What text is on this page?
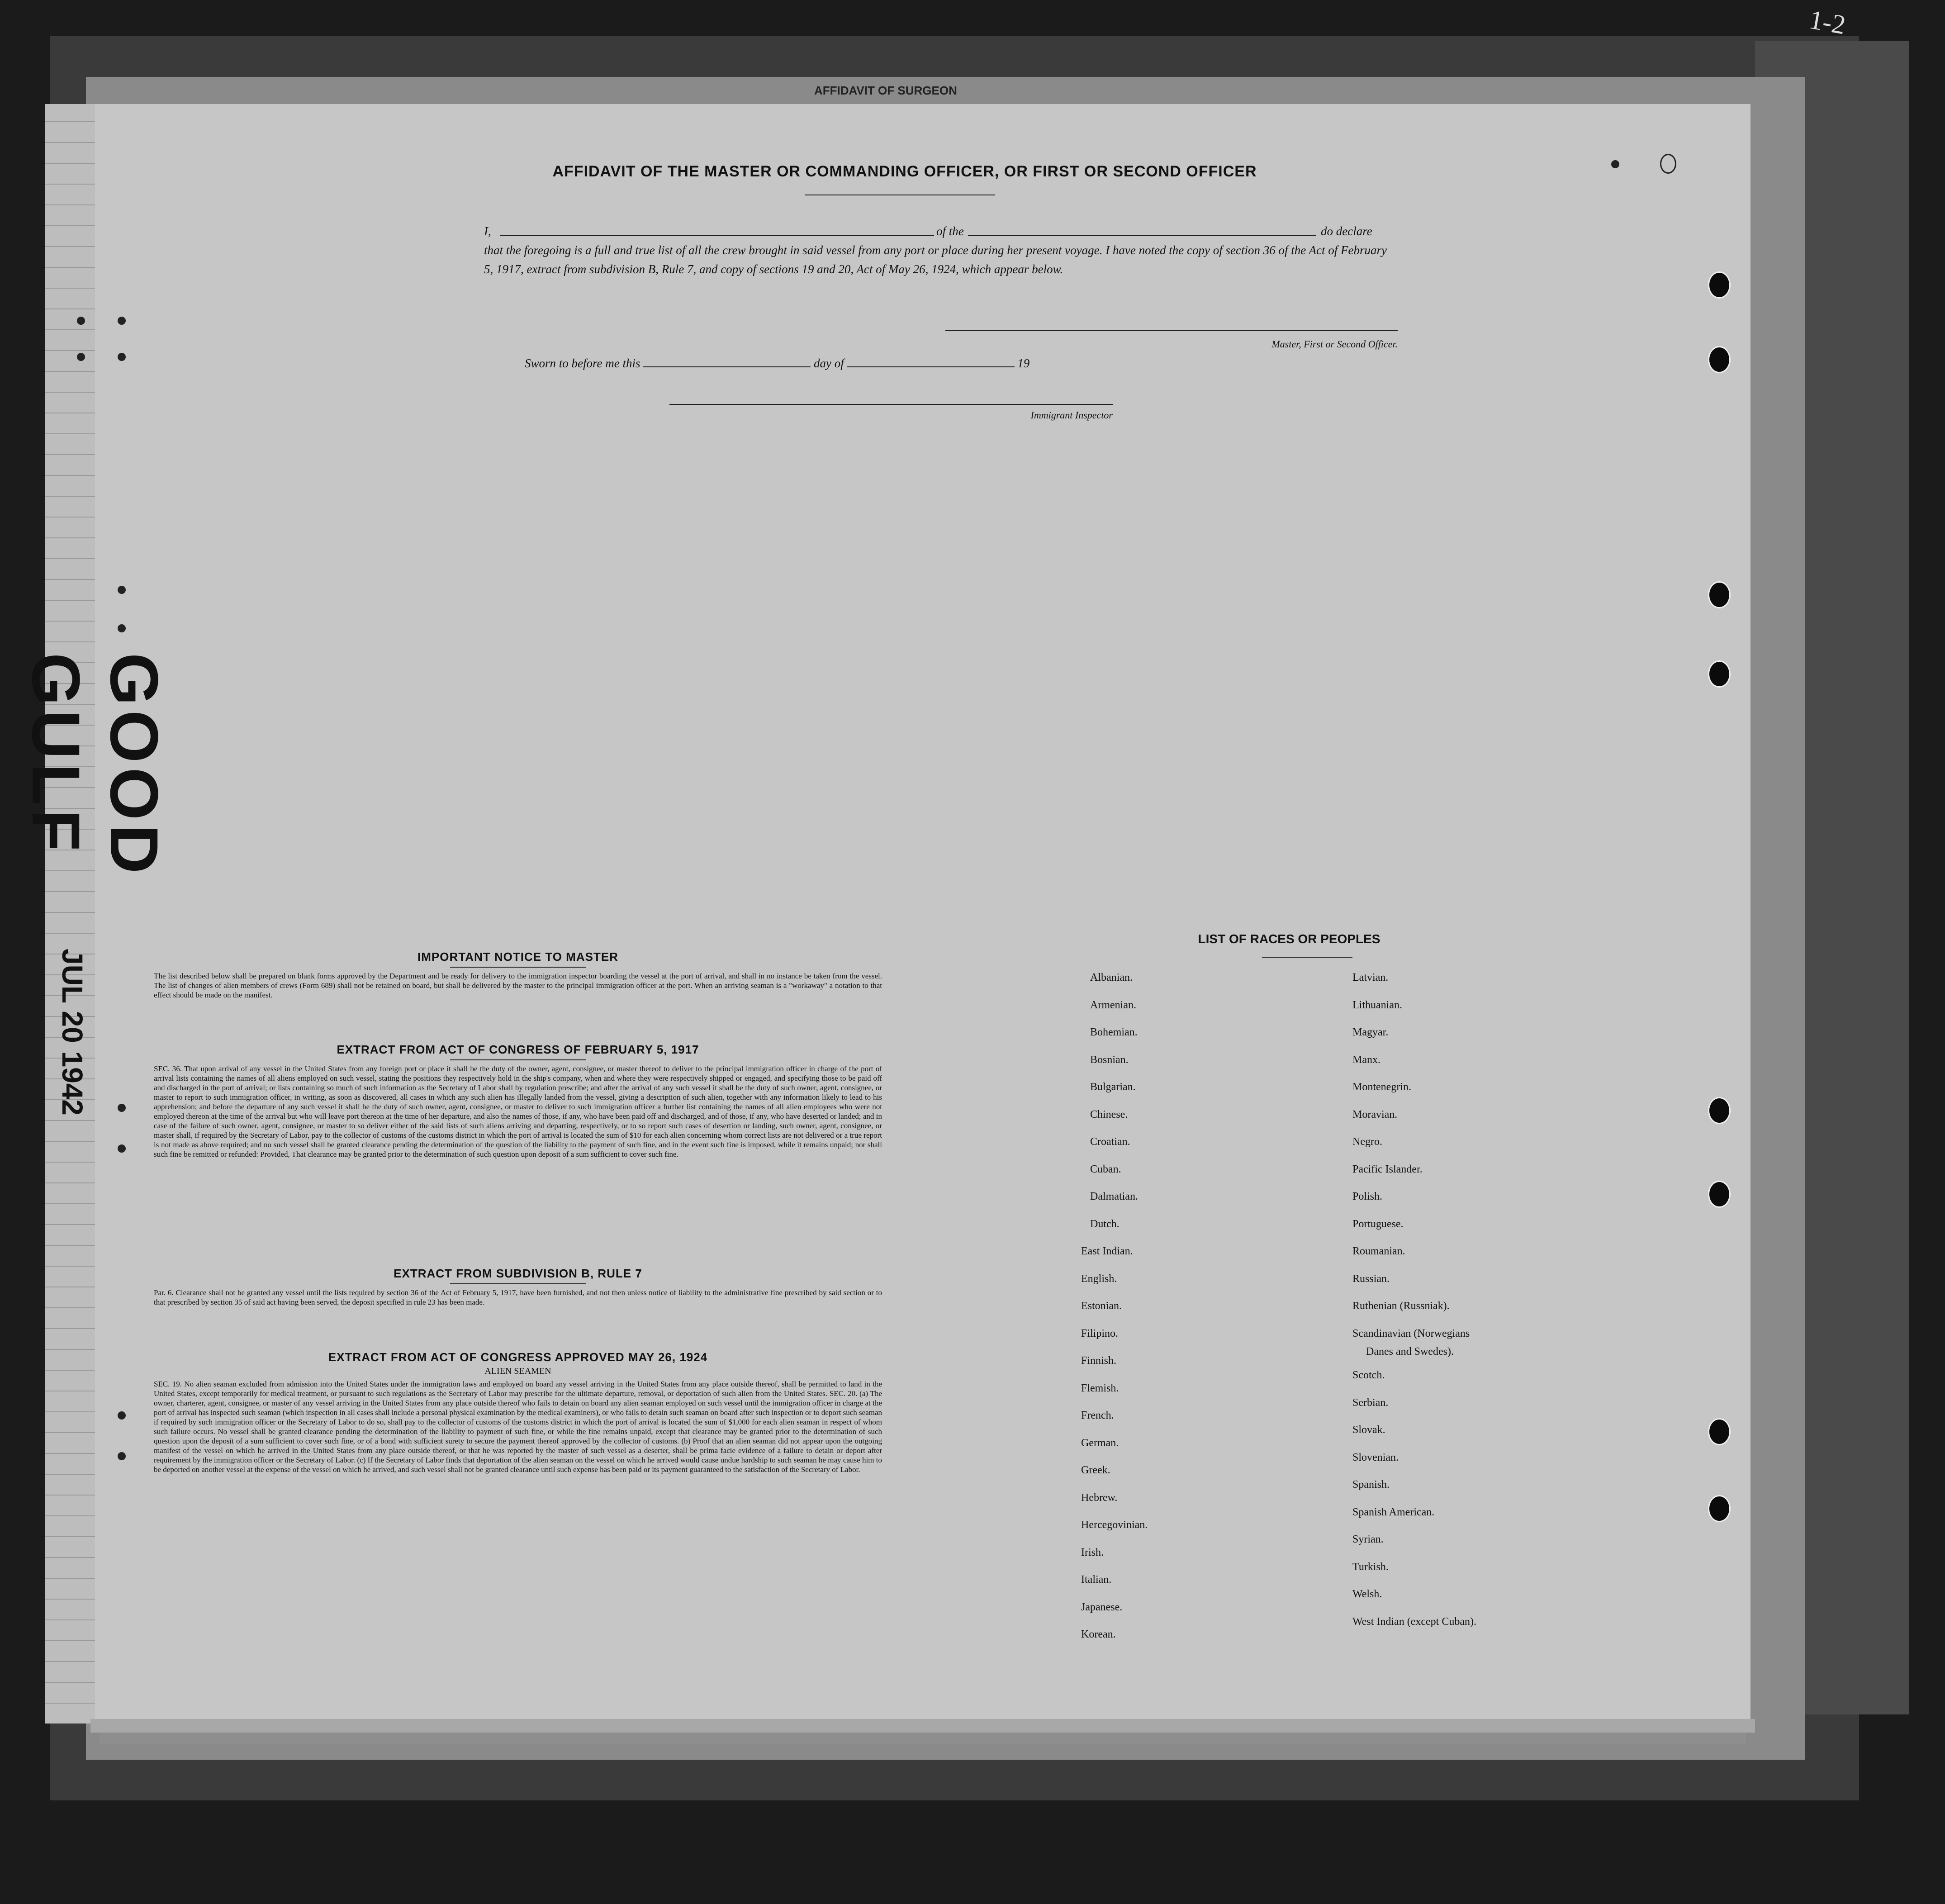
AFFIDAVIT OF SURGEON
1-2
GOOD GULF
JUL 20 1942
AFFIDAVIT OF THE MASTER OR COMMANDING OFFICER, OR FIRST OR SECOND OFFICER
I,	of the	do declare

that the foregoing is a full and true list of all the crew brought in said vessel from any port or place during her present voyage. I have noted the copy of section 36 of the Act of February 5, 1917, extract from subdivision B, Rule 7, and copy of sections 19 and 20, Act of May 26, 1924, which appear below.

Master, First or Second Officer.
Sworn to before me this	day of	19
Immigrant Inspector
IMPORTANT NOTICE TO MASTER

The list described below shall be prepared on blank forms approved by the Department and be ready for delivery to the immigration inspector boarding the vessel at the port of arrival, and shall in no instance be taken from the vessel. The list of changes of alien members of crews (Form 689) shall not be retained on board, but shall be delivered by the master to the principal immigration officer at the port. When an arriving seaman is a "workaway" a notation to that effect should be made on the manifest.

EXTRACT FROM ACT OF CONGRESS OF FEBRUARY 5, 1917

SEC. 36. That upon arrival of any vessel in the United States from any foreign port or place it shall be the duty of the owner, agent, consignee, or master thereof to deliver to the principal immigration officer in charge of the port of arrival lists containing the names of all aliens employed on such vessel, stating the positions they respectively hold in the ship's company, when and where they were respectively shipped or engaged, and specifying those to be paid off and discharged in the port of arrival; or lists containing so much of such information as the Secretary of Labor shall by regulation prescribe; and after the arrival of any such vessel it shall be the duty of such owner, agent, consignee, or master to report to such immigration officer, in writing, as soon as discovered, all cases in which any such alien has illegally landed from the vessel, giving a description of such alien, together with any information likely to lead to his apprehension; and before the departure of any such vessel it shall be the duty of such owner, agent, consignee, or master to deliver to such immigration officer a further list containing the names of all alien employees who were not employed thereon at the time of the arrival but who will leave port thereon at the time of her departure, and also the names of those, if any, who have been paid off and discharged, and of those, if any, who have deserted or landed; and in case of the failure of such owner, agent, consignee, or master to so deliver either of the said lists of such aliens arriving and departing, respectively, or to so report such cases of desertion or landing, such owner, agent, consignee, or master shall, if required by the Secretary of Labor, pay to the collector of customs of the customs district in which the port of arrival is located the sum of $10 for each alien concerning whom correct lists are not delivered or a true report is not made as above required; and no such vessel shall be granted clearance pending the determination of the question of the liability to the payment of such fine, and in the event such fine is imposed, while it remains unpaid; nor shall such fine be remitted or refunded: Provided, That clearance may be granted prior to the determination of such question upon deposit of a sum sufficient to cover such fine.

EXTRACT FROM SUBDIVISION B, RULE 7

Par. 6. Clearance shall not be granted any vessel until the lists required by section 36 of the Act of February 5, 1917, have been furnished, and not then unless notice of liability to the administrative fine prescribed by said section or to that prescribed by section 35 of said act having been served, the deposit specified in rule 23 has been made.

EXTRACT FROM ACT OF CONGRESS APPROVED MAY 26, 1924
ALIEN SEAMEN

SEC. 19. No alien seaman excluded from admission into the United States under the immigration laws and employed on board any vessel arriving in the United States from any place outside thereof, shall be permitted to land in the United States, except temporarily for medical treatment, or pursuant to such regulations as the Secretary of Labor may prescribe for the ultimate departure, removal, or deportation of such alien from the United States. SEC. 20. (a) The owner, charterer, agent, consignee, or master of any vessel arriving in the United States from any place outside thereof who fails to detain on board any alien seaman employed on such vessel until the immigration officer in charge at the port of arrival has inspected such seaman (which inspection in all cases shall include a personal physical examination by the medical examiners), or who fails to detain such seaman on board after such inspection or to deport such seaman if required by such immigration officer or the Secretary of Labor to do so, shall pay to the collector of customs of the customs district in which the port of arrival is located the sum of $1,000 for each alien seaman in respect of whom such failure occurs. No vessel shall be granted clearance pending the determination of the liability to payment of such fine, or while the fine remains unpaid, except that clearance may be granted prior to the determination of such question upon the deposit of a sum sufficient to cover such fine, or of a bond with sufficient surety to secure the payment thereof approved by the collector of customs. (b) Proof that an alien seaman did not appear upon the outgoing manifest of the vessel on which he arrived in the United States from any place outside thereof, or that he was reported by the master of such vessel as a deserter, shall be prima facie evidence of a failure to detain or deport after requirement by the immigration officer or the Secretary of Labor. (c) If the Secretary of Labor finds that deportation of the alien seaman on the vessel on which he arrived would cause undue hardship to such seaman he may cause him to be deported on another vessel at the expense of the vessel on which he arrived, and such vessel shall not be granted clearance until such expense has been paid or its payment guaranteed to the satisfaction of the Secretary of Labor.

LIST OF RACES OR PEOPLES
Albanian.
Armenian.
Bohemian.
Bosnian.
Bulgarian.
Chinese.
Croatian.
Cuban.
Dalmatian.
Dutch.
East Indian.
English.
Estonian.
Filipino.
Finnish.
Flemish.
French.
German.
Greek.
Hebrew.
Hercegovinian.
Irish.
Italian.
Japanese.
Korean.
Latvian.
Lithuanian.
Magyar.
Manx.
Montenegrin.
Moravian.
Negro.
Pacific Islander.
Polish.
Portuguese.
Roumanian.
Russian.
Ruthenian (Russniak).
Scandinavian (Norwegians
Scotch.
Serbian.
Slovak.
Slovenian.
Spanish.
Spanish American.
Syrian.
Turkish.
Welsh.
West Indian (except Cuban).
Danes and Swedes).
